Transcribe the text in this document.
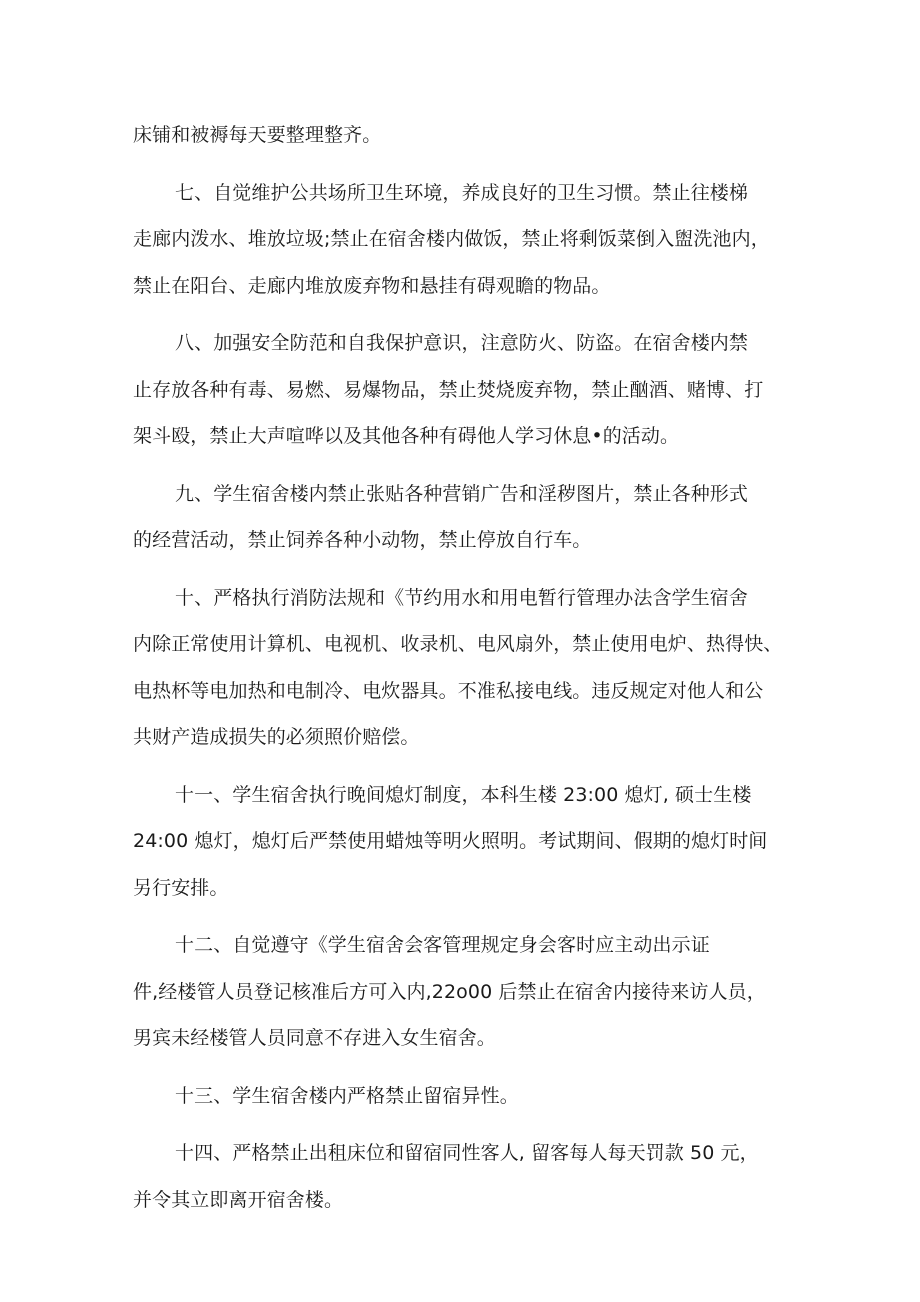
床铺和被褥每天要整理整齐。

七、自觉维护公共场所卫生环境，养成良好的卫生习惯。禁止往楼梯
走廊内泼水、堆放垃圾;禁止在宿舍楼内做饭，禁止将剩饭菜倒入盥洗池内，
禁止在阳台、走廊内堆放废弃物和悬挂有碍观瞻的物品。

八、加强安全防范和自我保护意识，注意防火、防盗。在宿舍楼内禁
止存放各种有毒、易燃、易爆物品，禁止焚烧废弃物，禁止酗酒、赌博、打
架斗殴，禁止大声喧哗以及其他各种有碍他人学习休息•的活动。

九、学生宿舍楼内禁止张贴各种营销广告和淫秽图片，禁止各种形式
的经营活动，禁止饲养各种小动物，禁止停放自行车。

十、严格执行消防法规和《节约用水和用电暂行管理办法含学生宿舍
内除正常使用计算机、电视机、收录机、电风扇外，禁止使用电炉、热得快、
电热杯等电加热和电制冷、电炊器具。不准私接电线。违反规定对他人和公
共财产造成损失的必须照价赔偿。

十一、学生宿舍执行晚间熄灯制度，本科生楼 23:00 熄灯, 硕士生楼
24:00 熄灯，熄灯后严禁使用蜡烛等明火照明。考试期间、假期的熄灯时间
另行安排。

十二、自觉遵守《学生宿舍会客管理规定身会客时应主动出示证
件,经楼管人员登记核准后方可入内,22o00 后禁止在宿舍内接待来访人员，
男宾未经楼管人员同意不存进入女生宿舍。

十三、学生宿舍楼内严格禁止留宿异性。

十四、严格禁止出租床位和留宿同性客人, 留客每人每天罚款 50 元，
并令其立即离开宿舍楼。
